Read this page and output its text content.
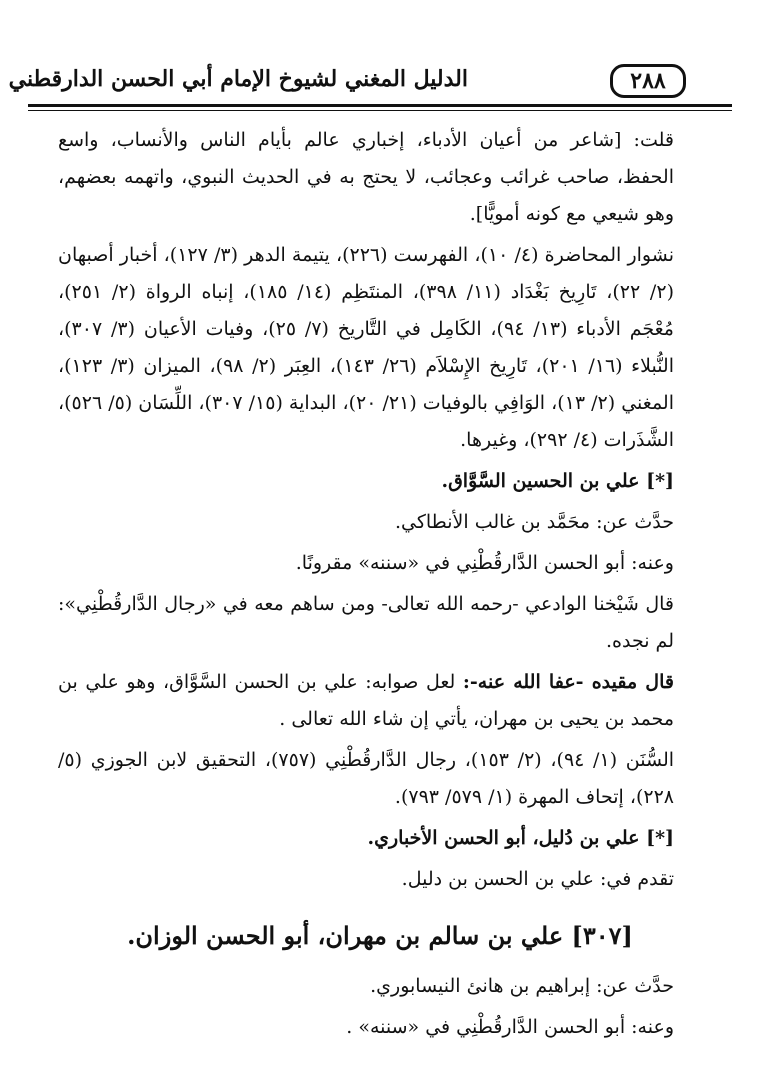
٢٨٨
الدليل المغني لشيوخ الإمام أبي الحسن الدارقطني

قلت: [شاعر من أعيان الأدباء، إخباري عالم بأيام الناس والأنساب، واسع الحفظ، صاحب غرائب وعجائب، لا يحتج به في الحديث النبوي، واتهمه بعضهم، وهو شيعي مع كونه أمويًّا].

نشوار المحاضرة (٤/ ١٠)، الفهرست (٢٢٦)، يتيمة الدهر (٣/ ١٢٧)، أخبار أصبهان (٢/ ٢٢)، تَارِيخ بَغْدَاد (١١/ ٣٩٨)، المنتَظِم (١٤/ ١٨٥)، إنباه الرواة (٢/ ٢٥١)، مُعْجَم الأدباء (١٣/ ٩٤)، الكَامِل في التَّاريخ (٧/ ٢٥)، وفيات الأعيان (٣/ ٣٠٧)، النُّبلاء (١٦/ ٢٠١)، تَارِيخ الإِسْلاَم (٢٦/ ١٤٣)، العِبَر (٢/ ٩٨)، الميزان (٣/ ١٢٣)، المغني (٢/ ١٣)، الوَافِي بالوفيات (٢١/ ٢٠)، البداية (١٥/ ٣٠٧)، اللِّسَان (٥/ ٥٢٦)، الشَّذَرات (٤/ ٢٩٢)، وغيرها.

[*] علي بن الحسين السَّوَّاق.

حدَّث عن: محَمَّد بن غالب الأنطاكي.

وعنه: أبو الحسن الدَّارقُطْنِي في «سننه» مقرونًا.

قال شَيْخنا الوادعي -رحمه الله تعالى- ومن ساهم معه في «رجال الدَّارقُطْنِي»: لم نجده.

قال مقيده -عفا الله عنه-: لعل صوابه: علي بن الحسن السَّوَّاق، وهو علي بن محمد بن يحيى بن مهران، يأتي إن شاء الله تعالى .

السُّنَن (١/ ٩٤)، (٢/ ١٥٣)، رجال الدَّارقُطْنِي (٧٥٧)، التحقيق لابن الجوزي (٥/ ٢٢٨)، إتحاف المهرة (١/ ٥٧٩/ ٧٩٣).

[*] علي بن دُليل، أبو الحسن الأخباري.

تقدم في: علي بن الحسن بن دليل.

[٣٠٧] علي بن سالم بن مهران، أبو الحسن الوزان.

حدَّث عن: إبراهيم بن هانئ النيسابوري.

وعنه: أبو الحسن الدَّارقُطْنِي في «سننه» .
